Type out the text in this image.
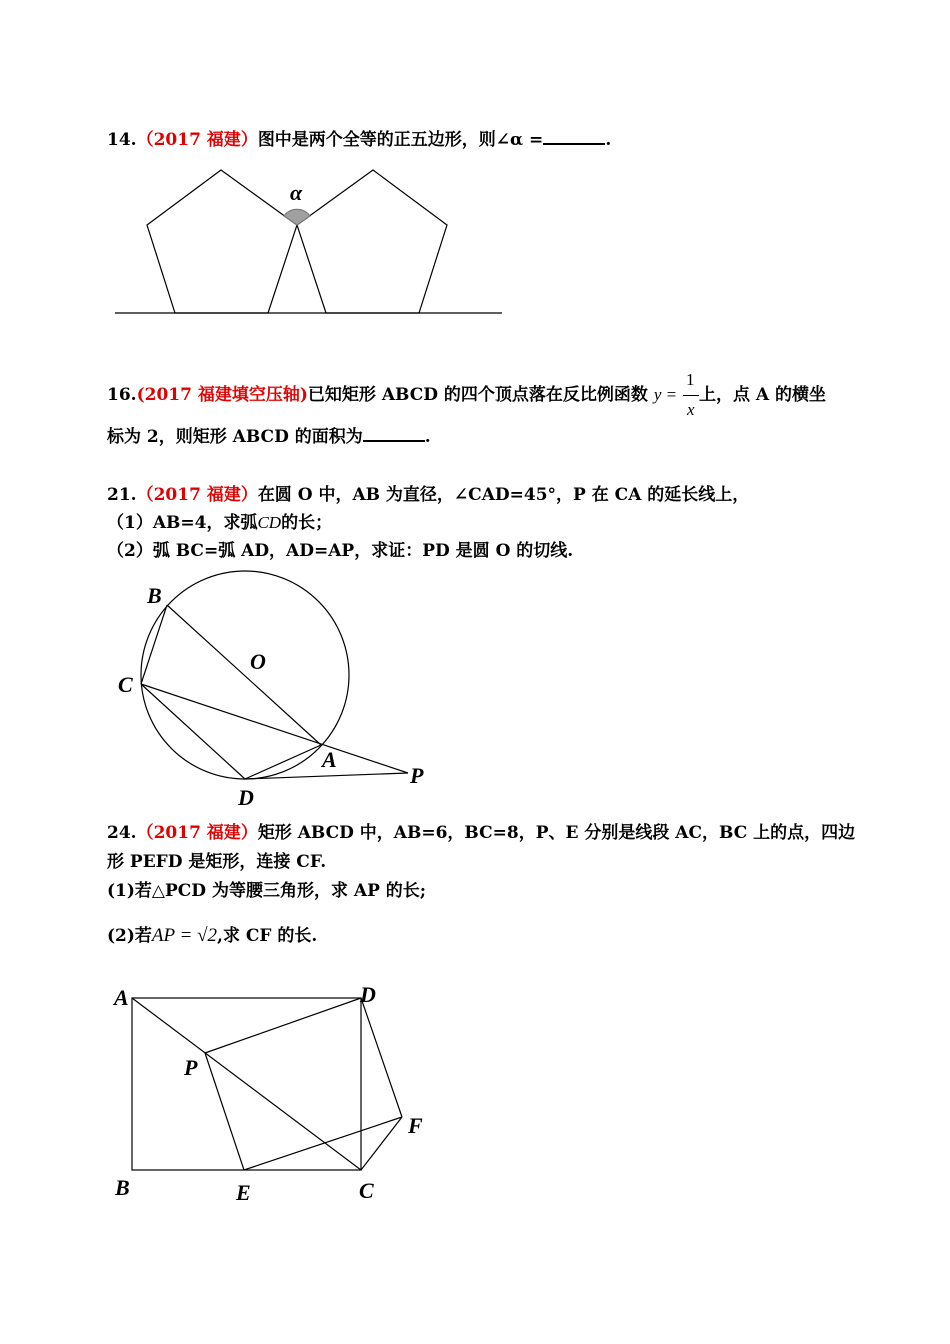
14.（2017 福建）图中是两个全等的正五边形，则∠α =	.
16.(2017 福建填空压轴)已知矩形 ABCD 的四个顶点落在反比例函数 $y = \frac{1}{x}$ 上，点 A 的横坐
标为 2，则矩形 ABCD 的面积为	.
21.（2017 福建）在圆 O 中，AB 为直径，∠CAD=45°，P 在 CA 的延长线上，
（1）AB=4，求弧CD的长；
（2）弧 BC=弧 AD，AD=AP，求证：PD 是圆 O 的切线.
24.（2017 福建）矩形 ABCD 中，AB=6，BC=8，P、E 分别是线段 AC，BC 上的点，四边
形 PEFD 是矩形，连接 CF.
(1)若△PCD 为等腰三角形，求 AP 的长;
(2)若AP = √2,求 CF 的长.
α
B
O
C
A
P
D
A	D
P
F
B	E	C
